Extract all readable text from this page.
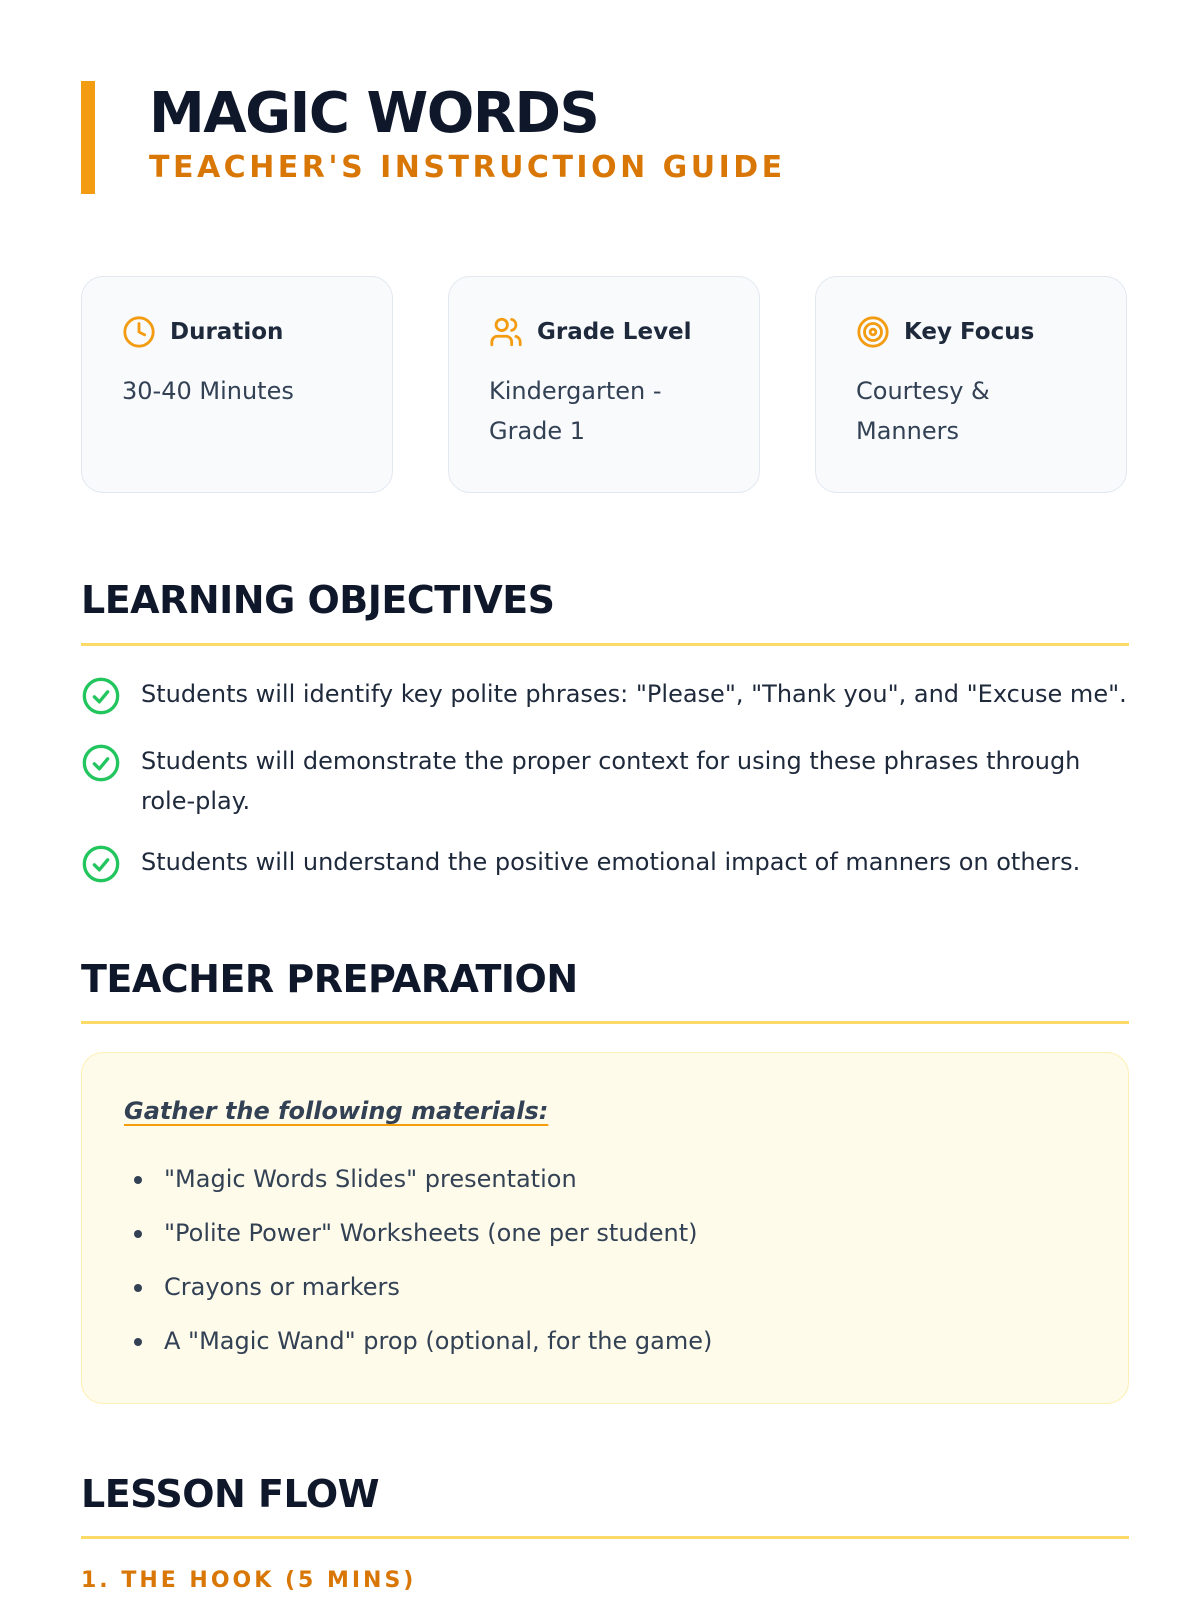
MAGIC WORDS
TEACHER'S INSTRUCTION GUIDE
Duration
30-40 Minutes
Grade Level
Kindergarten - Grade 1
Key Focus
Courtesy & Manners
LEARNING OBJECTIVES
Students will identify key polite phrases: "Please", "Thank you", and "Excuse me".
Students will demonstrate the proper context for using these phrases through role-play.
Students will understand the positive emotional impact of manners on others.
TEACHER PREPARATION
Gather the following materials:
"Magic Words Slides" presentation
"Polite Power" Worksheets (one per student)
Crayons or markers
A "Magic Wand" prop (optional, for the game)
LESSON FLOW
1. THE HOOK (5 MINS)
